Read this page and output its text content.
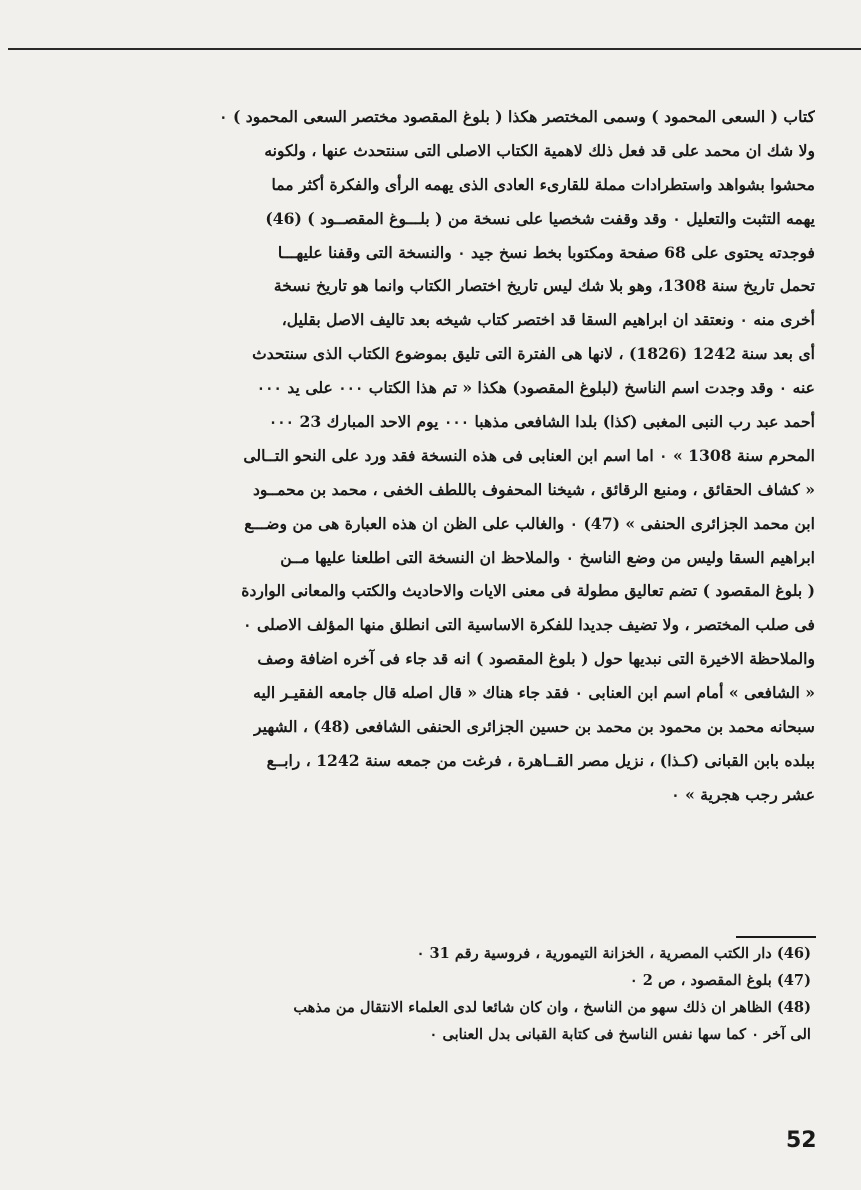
كتاب ( السعى المحمود ) وسمى المختصر هكذا ( بلوغ المقصود مختصر السعى المحمود ) ٠
ولا شك ان محمد على قد فعل ذلك لاهمية الكتاب الاصلى التى سنتحدث عنها ، ولكونه
محشوا بشواهد واستطرادات مملة للقارىء العادى الذى يهمه الرأى والفكرة أكثر مما
يهمه التثبت والتعليل ٠ وقد وقفت شخصيا على نسخة من ( بلـــوغ المقصــود ) (46)
فوجدته يحتوى على 68 صفحة ومكتوبا بخط نسخ جيد ٠ والنسخة التى وقفنا عليهـــا
تحمل تاريخ سنة 1308، وهو بلا شك ليس تاريخ اختصار الكتاب وانما هو تاريخ نسخة
أخرى منه ٠ ونعتقد ان ابراهيم السقا قد اختصر كتاب شيخه بعد تاليف الاصل بقليل،
أى بعد سنة 1242 (1826) ، لانها هى الفترة التى تليق بموضوع الكتاب الذى سنتحدث
عنه ٠ وقد وجدت اسم الناسخ (لبلوغ المقصود) هكذا « تم هذا الكتاب ٠٠٠ على يد ٠٠٠
أحمد عبد رب النبى المغبى (كذا) بلدا الشافعى مذهبا ٠٠٠ يوم الاحد المبارك 23 ٠٠٠
المحرم سنة 1308 » ٠ اما اسم ابن العنابى فى هذه النسخة فقد ورد على النحو التــالى
« كشاف الحقائق ، ومنبع الرقائق ، شيخنا المحفوف باللطف الخفى ، محمد بن محمــود
ابن محمد الجزائرى الحنفى » (47) ٠ والغالب على الظن ان هذه العبارة هى من وضـــع
ابراهيم السقا وليس من وضع الناسخ ٠ والملاحظ ان النسخة التى اطلعنا عليها مــن
( بلوغ المقصود ) تضم تعاليق مطولة فى معنى الايات والاحاديث والكتب والمعانى الواردة
فى صلب المختصر ، ولا تضيف جديدا للفكرة الاساسية التى انطلق منها المؤلف الاصلى ٠
والملاحظة الاخيرة التى نبديها حول ( بلوغ المقصود ) انه قد جاء فى آخره اضافة وصف
« الشافعى » أمام اسم ابن العنابى ٠ فقد جاء هناك « قال اصله قال جامعه الفقيـر اليه
سبحانه محمد بن محمود بن محمد بن حسين الجزائرى الحنفى الشافعى (48) ، الشهير
ببلده بابن القبانى (كـذا) ، نزيل مصر القــاهرة ، فرغت من جمعه سنة 1242 ، رابــع
عشر رجب هجرية » ٠
(46) دار الكتب المصرية ، الخزانة التيمورية ، فروسية رقم 31 ٠
(47) بلوغ المقصود ، ص 2 ٠
(48) الظاهر ان ذلك سهو من الناسخ ، وان كان شائعا لدى العلماء الانتقال من مذهب
الى آخر ٠ كما سها نفس الناسخ فى كتابة القبانى بدل العنابى ٠
52
